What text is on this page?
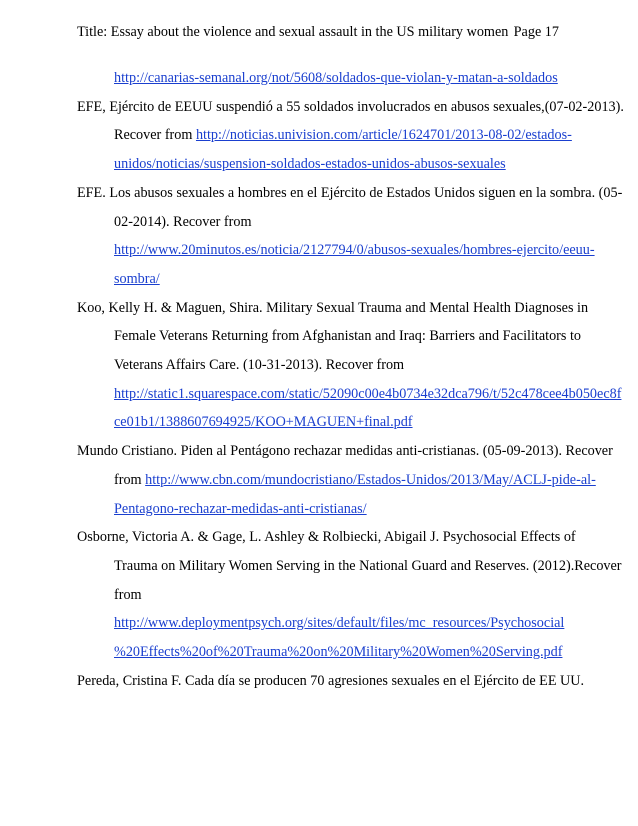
Title: Essay about the violence and sexual assault in the US military women Page 17
http://canarias-semanal.org/not/5608/soldados-que-violan-y-matan-a-soldados
EFE, Ejército de EEUU suspendió a 55 soldados involucrados en abusos sexuales,(07-02-2013).
Recover from http://noticias.univision.com/article/1624701/2013-08-02/estados-
unidos/noticias/suspension-soldados-estados-unidos-abusos-sexuales
EFE. Los abusos sexuales a hombres en el Ejército de Estados Unidos siguen en la sombra. (05-
02-2014). Recover from
http://www.20minutos.es/noticia/2127794/0/abusos-sexuales/hombres-ejercito/eeuu-
sombra/
Koo, Kelly H. & Maguen, Shira. Military Sexual Trauma and Mental Health Diagnoses in
Female Veterans Returning from Afghanistan and Iraq: Barriers and Facilitators to
Veterans Affairs Care. (10-31-2013). Recover from
http://static1.squarespace.com/static/52090c00e4b0734e32dca796/t/52c478cee4b050ec8f
ce01b1/1388607694925/KOO+MAGUEN+final.pdf
Mundo Cristiano. Piden al Pentágono rechazar medidas anti-cristianas. (05-09-2013). Recover
from http://www.cbn.com/mundocristiano/Estados-Unidos/2013/May/ACLJ-pide-al-
Pentagono-rechazar-medidas-anti-cristianas/
Osborne, Victoria A. & Gage, L. Ashley & Rolbiecki, Abigail J. Psychosocial Effects of
Trauma on Military Women Serving in the National Guard and Reserves. (2012).Recover
from
http://www.deploymentpsych.org/sites/default/files/mc_resources/Psychosocial
%20Effects%20of%20Trauma%20on%20Military%20Women%20Serving.pdf
Pereda, Cristina F. Cada día se producen 70 agresiones sexuales en el Ejército de EE UU.
